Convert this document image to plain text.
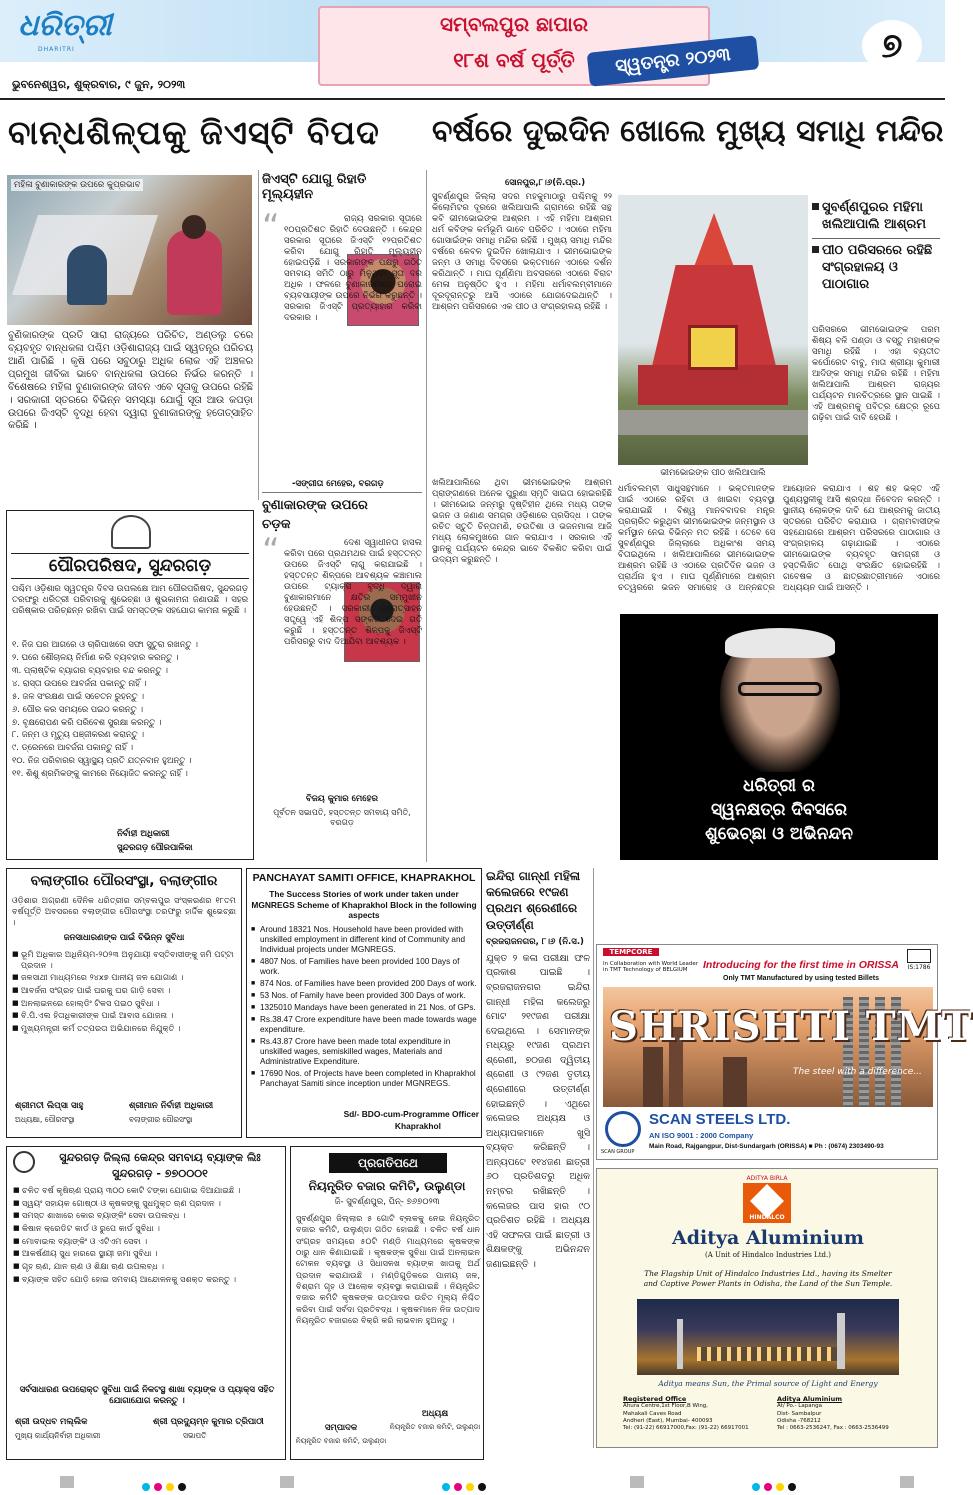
ଧରିତ୍ରୀ
DHARITRI
ଭୁବନେଶ୍ୱର, ଶୁକ୍ରବାର, ୯ ଜୁନ, ୨୦୨୩
ସମ୍ବଲପୁର ଛାପାର
୧୮ଶ ବର୍ଷ ପୂର୍ତ୍ତି	ସ୍ୱତନ୍ତ୍ର ୨୦୨୩	୭
ବାନ୍ଧଶିଳ୍ପକୁ ଜିଏସ୍‌ଟି ବିପଦ
ମହିଳା ବୁଣାକାରଙ୍କ ଉପରେ କୁପ୍ରଭାବ
ବୁଣିକାରଙ୍କ ପ୍ରତି ସାରା ରାଜ୍ୟରେ ପରିଚିତ, ଅଣ୍ଡଲୁ ଚରେ ବ୍ୟବହୃତ ବାନ୍ଧକଳା ପଶ୍ଚିମ ଓଡ଼ିଶାରାଜ୍ୟ ପାଇଁ ସ୍ୱତନ୍ତ୍ର ପରିଚୟ ଆଣି ପାରିଛି । କୃଷି ପରେ ସବୁଠାରୁ ଅଧିକ ଲୋକ ଏହି ଅଞ୍ଚଳର ପ୍ରମୁଖ ଜୀବିକା ଭାବେ ବାନ୍ଧକଳା ଉପରେ ନିର୍ଭର କରନ୍ତି । ବିଶେଷରେ ମହିଳା ବୁଣାକାରଙ୍କ ଜୀବନ ଏବେ ସୂତାକୁ ଉପରେ ରହିଛି । ସରକାରୀ ସ୍ତରରେ ବିଭିନ୍ନ ସମସ୍ୟା ଯୋଗୁଁ ସୂତା ଆଉ କପଡ଼ା ଉପରେ ଜିଏସ୍‌ଟି ବୃଦ୍ଧି ହେବା ଦ୍ୱାରା ବୁଣାକାରଙ୍କୁ ହତୋତ୍ସାହିତ କରିଛି ।
ଜିଏସ୍‌ଟି ଯୋଗୁ ରିହାତି
ମୂଲ୍ୟହୀନ
“	ରାଜ୍ୟ ସରକାର ସୂତାରେ ୧୦ପ୍ରତିଶତ ରିହାତି ଦେଉଛନ୍ତି । କେନ୍ଦ୍ର ସରକାର ସୂତାରେ ଜିଏସ୍‌ଟି ୧୨ପ୍ରତିଶତ କରିବା ଯୋଗୁ ରିହାତି ମୂଲ୍ୟହୀନ ହୋଇପଡ଼ିଛି । ସରକାରଙ୍କ ପକ୍ଷରୁ ଗଠିତ ସମବାୟ ସମିତି ଠାରୁ ମିଳୁଥିବା ସୂତା ଦର ଅଧିକ । ଫଳରେ ବୁଣାକାରମାନେ ଘରୋଇ ବ୍ୟବସାୟୀଙ୍କ ଉପରେ ନିର୍ଭର କରୁଛନ୍ତି । ସରକାର ଜିଏସ୍‌ଟି ପ୍ରତ୍ୟାହାର କରିବା ଦରକାର ।
-ସଙ୍ଗୀତା ମେହେର, ବରଗଡ଼
ବୁଣାକାରଙ୍କ ଉପରେ
ଚଡ଼କ
“	ଦେଶ ସ୍ୱାଧୀନତା ହାସଲ କରିବା ପରେ ପ୍ରଥମଥର ପାଇଁ ହସ୍ତତନ୍ତ ଉପରେ ଜିଏସ୍‌ଟି ଲାଗୁ କରାଯାଇଛି । ହସ୍ତତନ୍ତ ଶିଳ୍ପରେ ଆବଶ୍ୟକ କଞ୍ଚାମାଲ ଉପରେ ଟ୍ୟାକ୍ସ ବୃଦ୍ଧି ଦ୍ୱାରା ବୁଣାକାରମାନେ କ୍ଷତିର ସମ୍ମୁଖୀନ ହେଉଛନ୍ତି । ସରକାରୀ ପ୍ରୋତ୍ସାହନ ସତ୍ତ୍ୱେ ଏହି ଶିଳ୍ପ ସଙ୍କଟ ଦେଇ ଗତି କରୁଛି । ହସ୍ତତନ୍ତ ଶିଳ୍ପକୁ ଜିଏସ୍‌ଟି ପରିସରରୁ ବାଦ ଦିଆଯିବା ଆବଶ୍ୟକ ।
ବିଜୟ କୁମାର ମେହେର
ପୂର୍ବତନ ସଭାପତି, ହସ୍ତତନ୍ତ ସମବାୟ ସମିତି, ବରଗଡ଼
ବର୍ଷରେ ଦୁଇଦିନ ଖୋଲେ ମୁଖ୍ୟ ସମାଧି ମନ୍ଦିର
ସୋନପୁର,୮।୬(ନି.ପ୍ର.)
ସୁବର୍ଣ୍ଣପୁର ଜିଲ୍ଲା ସଦର ମହକୁମାଠାରୁ ପଶ୍ଚିମକୁ ୨୨ କିଲୋମିଟର ଦୂରରେ ଖଲିଆପାଲି ଗ୍ରାମରେ ରହିଛି ସନ୍ଥ କବି ଭୀମଭୋଇଙ୍କ ଆଶ୍ରମ । ଏହି ମହିମା ଆଶ୍ରମ ଧର୍ମ କବିଙ୍କ କର୍ମଭୂମି ଭାବେ ପରିଚିତ । ଏଠାରେ ମହିମା ଗୋସାଇଁଙ୍କ ସମାଧି ମନ୍ଦିର ରହିଛି । ମୁଖ୍ୟ ସମାଧି ମନ୍ଦିର ବର୍ଷରେ କେବଳ ଦୁଇଦିନ ଖୋଲାଯାଏ । ଭୀମଭୋଇଙ୍କ ଜନ୍ମ ଓ ସମାଧି ଦିବସରେ ଭକ୍ତମାନେ ଏଠାରେ ଦର୍ଶନ କରିଥାନ୍ତି । ମାଘ ପୂର୍ଣ୍ଣିମା ଅବସରରେ ଏଠାରେ ବିରାଟ ମେଳା ଅନୁଷ୍ଠିତ ହୁଏ । ମହିମା ଧର୍ମାବଲମ୍ବୀମାନେ ଦୂରଦୂରାନ୍ତରୁ ଆସି ଏଠାରେ ଯୋଗଦେଇଥାନ୍ତି । ଆଶ୍ରମ ପରିସରରେ ଏକ ପୀଠ ଓ ସଂଗ୍ରହାଳୟ ରହିଛି ।
ଭୀମଭୋଇଙ୍କ ପୀଠ ଖଲିଆପାଲି
ସୁବର୍ଣ୍ଣପୁରର ମହିମା ଖଲିଆପାଲି ଆଶ୍ରମ
ପୀଠ ପରିସରରେ ରହିଛି ସଂଗ୍ରହାଳୟ ଓ ପାଠାଗାର
ପରିସରରେ ଭୀମଭୋଇଙ୍କ ପରମ ଶିଷ୍ୟ ବଳି ପଣ୍ଡା ଓ ବସ୍ତୁ ମହାଶଙ୍କ ସମାଧି ରହିଛି । ଏହା ବ୍ୟତୀତ କର୍ପୋରେଟ ବାବୁ, ମାତା ଶ୍ରୀୟା କୁମାରୀ ଆଦିଙ୍କ ସମାଧି ମନ୍ଦିର ରହିଛି । ମହିମା ଖଲିଆପାଲି ଆଶ୍ରମ ରାଜ୍ୟର ପର୍ଯ୍ୟଟନ ମାନଚିତ୍ରରେ ସ୍ଥାନ ପାଇଛି । ଏହି ଆଶ୍ରମକୁ ପବିତ୍ର କ୍ଷେତ୍ର ରୂପେ ଗଢ଼ିବା ପାଇଁ ଦାବି ହେଉଛି ।
ଖଲିଆପାଲିରେ ଥିବା ଭୀମଭୋଇଙ୍କ ଆଶ୍ରମ ପ୍ରାଙ୍ଗଣରେ ଅନେକ ପୁରୁଣା ସ୍ମୃତି ସାଇତା ହୋଇରହିଛି । ଭୀମଭୋଇ ଜନ୍ମରୁ ଦୃଷ୍ଟିହୀନ ଥିଲେ ମଧ୍ୟ ତାଙ୍କ ଭଜନ ଓ ଜଣାଣ ସମଗ୍ର ଓଡ଼ିଶାରେ ପ୍ରସିଦ୍ଧ । ତାଙ୍କ ରଚିତ ସ୍ତୁତି ଚିନ୍ତାମଣି, ଚଉତିଶା ଓ ଭଜନମାଳା ଆଜି ମଧ୍ୟ ଲୋକମୁଖରେ ଗାନ କରାଯାଏ । ସରକାର ଏହି ସ୍ଥାନକୁ ପର୍ଯ୍ୟଟନ କେନ୍ଦ୍ର ଭାବେ ବିକଶିତ କରିବା ପାଇଁ ଉଦ୍ୟମ କରୁଛନ୍ତି ।
ଧର୍ମାବଲମ୍ବୀ ସାଧୁସନ୍ଥମାନେ । ଭକ୍ତମାନଙ୍କ ପାଇଁ ଏଠାରେ ରହିବା ଓ ଖାଇବା ବ୍ୟବସ୍ଥା କରାଯାଇଛି । ବିଶ୍ୱ ମାନବବାଦର ମନ୍ତ୍ର ପ୍ରଚାରିତ କରୁଥିବା ଭୀମଭୋଇଙ୍କ ଜନ୍ମସ୍ଥାନ ଓ କର୍ମସ୍ଥାନ ନେଇ ବିଭିନ୍ନ ମତ ରହିଛି । ତେବେ ସେ ସୁବର୍ଣ୍ଣପୁର ଜିଲ୍ଲାରେ ଅଧିକାଂଶ ସମୟ ବିତାଇଥିଲେ । ଖଲିଆପାଲିରେ ଭୀମଭୋଇଙ୍କ ଆଶ୍ରମ ରହିଛି ଓ ଏଠାରେ ପ୍ରତିଦିନ ଭଜନ ଓ ପ୍ରାର୍ଥନା ହୁଏ । ମାଘ ପୂର୍ଣ୍ଣିମାରେ ଆଶ୍ରମ ଚତ୍ୱରରେ ଭଜନ ସମାରୋହ ଓ ଅନ୍ନଛତ୍ର ଆୟୋଜନ କରାଯାଏ । ଶହ ଶହ ଭକ୍ତ ଏହି ପୁଣ୍ୟସ୍ଥଳୀକୁ ଆସି ଶ୍ରଦ୍ଧା ନିବେଦନ କରନ୍ତି । ସ୍ଥାନୀୟ ଲୋକଙ୍କ ଦାବି ଯେ ଆଶ୍ରମକୁ ଜାତୀୟ ସ୍ତରରେ ପରିଚିତ କରାଯାଉ । ଗ୍ରାମବାସୀଙ୍କ ସହଯୋଗରେ ଆଶ୍ରମ ପରିସରରେ ପାଠାଗାର ଓ ସଂଗ୍ରହାଳୟ ଗଢ଼ାଯାଇଛି । ଏଠାରେ ଭୀମଭୋଇଙ୍କ ବ୍ୟବହୃତ ସାମଗ୍ରୀ ଓ ହସ୍ତଲିଖିତ ପୋଥି ସଂରକ୍ଷିତ ହୋଇରହିଛି । ଗବେଷକ ଓ ଛାତ୍ରଛାତ୍ରୀମାନେ ଏଠାରେ ଅଧ୍ୟୟନ ପାଇଁ ଆସନ୍ତି ।
ଧରିତ୍ରୀ ର
ସ୍ୱନକ୍ଷତ୍ର ଦିବସରେ
ଶୁଭେଚ୍ଛା ଓ ଅଭିନନ୍ଦନ
ପୌରପରିଷଦ, ସୁନ୍ଦରଗଡ଼
ପଶ୍ଚିମ ଓଡ଼ିଶାର ସ୍ୱତନ୍ତ୍ର ଦିବସ ଉପଲକ୍ଷେ ଆମ ପୌରପରିଷଦ, ସୁନ୍ଦରଗଡ଼ ତରଫରୁ ଧରିତ୍ରୀ ପରିବାରକୁ ଶୁଭେଚ୍ଛା ଓ ଶୁଭକାମନା ଜଣାଉଛି । ସହର ପରିଷ୍କାର ପରିଚ୍ଛନ୍ନ ରଖିବା ପାଇଁ ସମସ୍ତଙ୍କ ସହଯୋଗ କାମନା କରୁଛି ।
୧. ନିଜ ଘର ଆଗରେ ଓ ଚାରିପାଖରେ ସଫା ସୁତୁରା ରଖନ୍ତୁ ।
୨. ଘରେ ଶୌଚାଳୟ ନିର୍ମାଣ କରି ବ୍ୟବହାର କରନ୍ତୁ ।
୩. ପ୍ଲାଷ୍ଟିକ ବ୍ୟାଗର ବ୍ୟବହାର ବନ୍ଦ କରନ୍ତୁ ।
୪. ରାସ୍ତା ଉପରେ ଆବର୍ଜନା ପକାନ୍ତୁ ନାହିଁ ।
୫. ଜଳ ସଂରକ୍ଷଣ ପାଇଁ ସଚେତନ ରୁହନ୍ତୁ ।
୬. ପୌର କର ସମୟରେ ପଇଠ କରନ୍ତୁ ।
୭. ବୃକ୍ଷରୋପଣ କରି ପରିବେଶ ସୁରକ୍ଷା କରନ୍ତୁ ।
୮. ଜନ୍ମ ଓ ମୃତ୍ୟୁ ପଞ୍ଜୀକରଣ କରାନ୍ତୁ ।
୯. ଡ୍ରେନରେ ଆବର୍ଜନା ପକାନ୍ତୁ ନାହିଁ ।
୧୦. ନିଜ ପରିବାରର ସ୍ୱାସ୍ଥ୍ୟ ପ୍ରତି ଯତ୍ନବାନ ହୁଅନ୍ତୁ ।
୧୧. ଶିଶୁ ଶ୍ରମିକଙ୍କୁ କାମରେ ନିୟୋଜିତ କରନ୍ତୁ ନାହିଁ ।
ନିର୍ବାହୀ ଅଧିକାରୀ
ସୁନ୍ଦରଗଡ଼ ପୌରପାଳିକା
ବଲାଙ୍ଗୀର ପୌରସଂସ୍ଥା, ବଲାଙ୍ଗୀର
ଓଡ଼ିଶାର ଅଗ୍ରଣୀ ଦୈନିକ ଧରିତ୍ରୀର ସମ୍ବଲପୁର ସଂସ୍କରଣର ୧୮ତମ ବର୍ଷପୂର୍ତ୍ତି ଅବସରରେ ବଲାଙ୍ଗୀର ପୌରସଂସ୍ଥା ତରଫରୁ ହାର୍ଦ୍ଦିକ ଶୁଭେଚ୍ଛା ।
ଜନସାଧାରଣଙ୍କ ପାଇଁ ବିଭିନ୍ନ ସୁବିଧା
■ ଭୂମି ଅଧିକାର ଅଧିନିୟମ-୨୦୨୩ ଅନୁଯାୟୀ ବସ୍ତିବାସୀଙ୍କୁ ଜମି ପଟ୍ଟା ପ୍ରଦାନ ।
■ ଜଳସାଥୀ ମାଧ୍ୟମରେ ୨୪x୭ ପାନୀୟ ଜଳ ଯୋଗାଣ ।
■ ଆବର୍ଜନା ସଂଗ୍ରହ ପାଇଁ ଘରକୁ ଘର ଗାଡ଼ି ସେବା ।
■ ଅନଲାଇନରେ ହୋଲ୍ଡିଂ ଟିକସ ପଇଠ ସୁବିଧା ।
■ ବି.ପି.ଏଲ ହିତାଧିକାରୀଙ୍କ ପାଇଁ ଆବାସ ଯୋଜନା ।
■ ମୁଖ୍ୟମନ୍ତ୍ରୀ କର୍ମ ତତ୍ପରତା ଅଭିଯାନରେ ନିଯୁକ୍ତି ।
ଶ୍ରୀମତୀ ଲିପ୍‌ସା ସାହୁ
ଅଧ୍ୟକ୍ଷା, ପୌରସଂସ୍ଥା
ଶ୍ରୀମାନ ନିର୍ବାହୀ ଅଧିକାରୀ
ବଲାଙ୍ଗୀର ପୌରସଂସ୍ଥା
PANCHAYAT SAMITI OFFICE, KHAPRAKHOL
The Success Stories of work under taken under MGNREGS Scheme of Khaprakhol Block in the following aspects
■ Around 18321 Nos. Household have been provided with unskilled employment in different kind of Community and Individual projects under MGNREGS.
■ 4807 Nos. of Families have been provided 100 Days of work.
■ 874 Nos. of Families have been provided 200 Days of work.
■ 53 Nos. of Family have been provided 300 Days of work.
■ 1325010 Mandays have been generated in 21 Nos. of GPs.
■ Rs.38.47 Crore expenditure have been made towards wage expenditure.
■ Rs.43.87 Crore have been made total expenditure in unskilled wages, semiskilled wages, Materials and Administrative Expenditure.
■ 17690 Nos. of Projects have been completed in Khaprakhol Panchayat Samiti since inception under MGNREGS.
Sd/- BDO-cum-Programme Officer
Khaprakhol
ଇନ୍ଦିରା ଗାନ୍ଧୀ ମହିଳା କଲେଜରେ ୧୯ଜଣ ପ୍ରଥମ ଶ୍ରେଣୀରେ ଉତ୍ତୀର୍ଣ୍ଣ
ବ୍ରଜରାଜନଗର, ୮।୬ (ନି.ସ.)
ଯୁକ୍ତ ୨ କଳା ପରୀକ୍ଷା ଫଳ ପ୍ରକାଶ ପାଇଛି । ବ୍ରଜରାଜନଗର ଇନ୍ଦିରା ଗାନ୍ଧୀ ମହିଳା କଲେଜରୁ ମୋଟ ୨୧୯ଜଣ ପରୀକ୍ଷା ଦେଇଥିଲେ । ସେମାନଙ୍କ ମଧ୍ୟରୁ ୧୯ଜଣ ପ୍ରଥମ ଶ୍ରେଣୀ, ୭୦ଜଣ ଦ୍ୱିତୀୟ ଶ୍ରେଣୀ ଓ ୯୨ଜଣ ତୃତୀୟ ଶ୍ରେଣୀରେ ଉତ୍ତୀର୍ଣ୍ଣ ହୋଇଛନ୍ତି । ଏଥିରେ କଲେଜର ଅଧ୍ୟକ୍ଷ ଓ ଅଧ୍ୟାପକମାନେ ଖୁସି ବ୍ୟକ୍ତ କରିଛନ୍ତି । ଅନ୍ୟପଟେ ୧୧୪ଜଣ ଛାତ୍ରୀ ୬୦ ପ୍ରତିଶତରୁ ଅଧିକ ନମ୍ବର ରଖିଛନ୍ତି । କଲେଜର ପାସ ହାର ୯୦ ପ୍ରତିଶତ ରହିଛି । ଅଧ୍ୟକ୍ଷ ଏହି ସଫଳତା ପାଇଁ ଛାତ୍ରୀ ଓ ଶିକ୍ଷକଙ୍କୁ ଅଭିନନ୍ଦନ ଜଣାଇଛନ୍ତି ।
TEMPCORE
In Collaboration with World Leader in TMT Technology of BELGIUM	Introducing for the first time in ORISSA
Only TMT Manufactured by using tested Billets
IS:1786
SHRISHTI TMT
The steel with a difference...
SCAN GROUP
SCAN STEELS LTD.
AN ISO 9001 : 2000 Company
Main Road, Rajgangpur, Dist-Sundargarh (ORISSA) ■ Ph : (0674) 2303490-93
ADITYA BIRLA
HINDALCO
Aditya Aluminium
(A Unit of Hindalco Industries Ltd.)
The Flagship Unit of Hindalco Industries Ltd., having its Smelter and Captive Power Plants in Odisha, the Land of the Sun Temple.
Aditya means Sun, the Primal source of Light and Energy
Registered Office
Ahura Centre,1st Floor,B Wing,
Mahakali Caves Road
Andheri (East), Mumbai- 400093
Tel: (91-22) 66917000,Fax: (91-22) 66917001
Aditya Aluminium
At/ Po.- Lapanga
Dist- Sambalpur
Odisha -768212
Tel : 0663-2536247, Fax : 0663-2536499
ସୁନ୍ଦରଗଡ଼ ଜିଲ୍ଲା କେନ୍ଦ୍ର ସମବାୟ ବ୍ୟାଙ୍କ ଲିଃ
ସୁନ୍ଦରଗଡ଼ - ୭୭୦୦୦୧
■ ଚଳିତ ବର୍ଷ କୃଷିଋଣ ପ୍ରାୟ ୩୦୦ କୋଟି ଟଙ୍କା ଯୋଗାଇ ଦିଆଯାଇଛି ।
■ ସ୍ୱୟଂ ସହାୟକ ଗୋଷ୍ଠୀ ଓ କୃଷକଙ୍କୁ ସୁଧମୁକ୍ତ ଋଣ ପ୍ରଦାନ ।
■ ସମସ୍ତ ଶାଖାରେ କୋର ବ୍ୟାଙ୍କିଂ ସେବା ଉପଲବ୍ଧ ।
■ କିଷାନ କ୍ରେଡିଟ କାର୍ଡ ଓ ରୁପେ କାର୍ଡ ସୁବିଧା ।
■ ମୋବାଇଲ ବ୍ୟାଙ୍କିଂ ଓ ଏଟିଏମ ସେବା ।
■ ଆକର୍ଷଣୀୟ ସୁଧ ହାରରେ ସ୍ଥାୟୀ ଜମା ସୁବିଧା ।
■ ଗୃହ ଋଣ, ଯାନ ଋଣ ଓ ଶିକ୍ଷା ଋଣ ଉପଲବ୍ଧ ।
■ ବ୍ୟାଙ୍କ ସହିତ ଯୋଡ଼ି ହୋଇ ସମବାୟ ଆନ୍ଦୋଳନକୁ ସଶକ୍ତ କରନ୍ତୁ ।
ସର୍ବସାଧାରଣ ଉପରୋକ୍ତ ସୁବିଧା ପାଇଁ ନିକଟସ୍ଥ ଶାଖା ବ୍ୟାଙ୍କ ଓ ପ୍ୟାକ୍‌ସ ସହିତ ଯୋଗାଯୋଗ କରନ୍ତୁ ।
ଶ୍ରୀ ଉଦ୍ଧବ ମଲ୍ଲିକ
ମୁଖ୍ୟ କାର୍ଯ୍ୟନିର୍ବାହୀ ଅଧିକାରୀ
ଶ୍ରୀ ପ୍ରଦ୍ୟୁମ୍ନ କୁମାର ତ୍ରିପାଠୀ
ସଭାପତି
ପ୍ରଗତିପଥେ
ନିୟନ୍ତ୍ରିତ ବଜାର କମିଟି, ଉଲୁଣ୍ଡା
ଜି- ସୁବର୍ଣ୍ଣପୁର, ପିନ୍- ୭୬୭୦୨୩
ସୁବର୍ଣ୍ଣପୁର ଜିଲ୍ଲାର ୫ ଗୋଟି ବ୍ଲକକୁ ନେଇ ନିୟନ୍ତ୍ରିତ ବଜାର କମିଟି, ଉଲୁଣ୍ଡା ଗଠିତ ହୋଇଛି । ଚଳିତ ବର୍ଷ ଧାନ ସଂଗ୍ରହ ସମୟରେ ୫୦ଟି ମଣ୍ଡି ମାଧ୍ୟମରେ କୃଷକଙ୍କ ଠାରୁ ଧାନ କିଣାଯାଇଛି । କୃଷକଙ୍କ ସୁବିଧା ପାଇଁ ଅନଲାଇନ ଟୋକନ ବ୍ୟବସ୍ଥା ଓ ସିଧାସଳଖ ବ୍ୟାଙ୍କ ଖାତାକୁ ଅର୍ଥ ପ୍ରଦାନ କରାଯାଉଛି । ମଣ୍ଡିଗୁଡ଼ିକରେ ପାନୀୟ ଜଳ, ବିଶ୍ରାମ ଗୃହ ଓ ଆଲୋକ ବ୍ୟବସ୍ଥା କରାଯାଇଛି । ନିୟନ୍ତ୍ରିତ ବଜାର କମିଟି କୃଷକଙ୍କ ଉତ୍ପାଦର ଉଚିତ ମୂଲ୍ୟ ନିଶ୍ଚିତ କରିବା ପାଇଁ ସର୍ବଦା ପ୍ରତିବଦ୍ଧ । କୃଷକମାନେ ନିଜ ଉତ୍ପାଦ ନିୟନ୍ତ୍ରିତ ବଜାରରେ ବିକ୍ରି କରି ଲାଭବାନ ହୁଅନ୍ତୁ ।
ସମ୍ପାଦକ
ନିୟନ୍ତ୍ରିତ ବଜାର କମିଟି, ଉଲୁଣ୍ଡା
ଅଧ୍ୟକ୍ଷ
ନିୟନ୍ତ୍ରିତ ବଜାର କମିଟି, ଉଲୁଣ୍ଡା
